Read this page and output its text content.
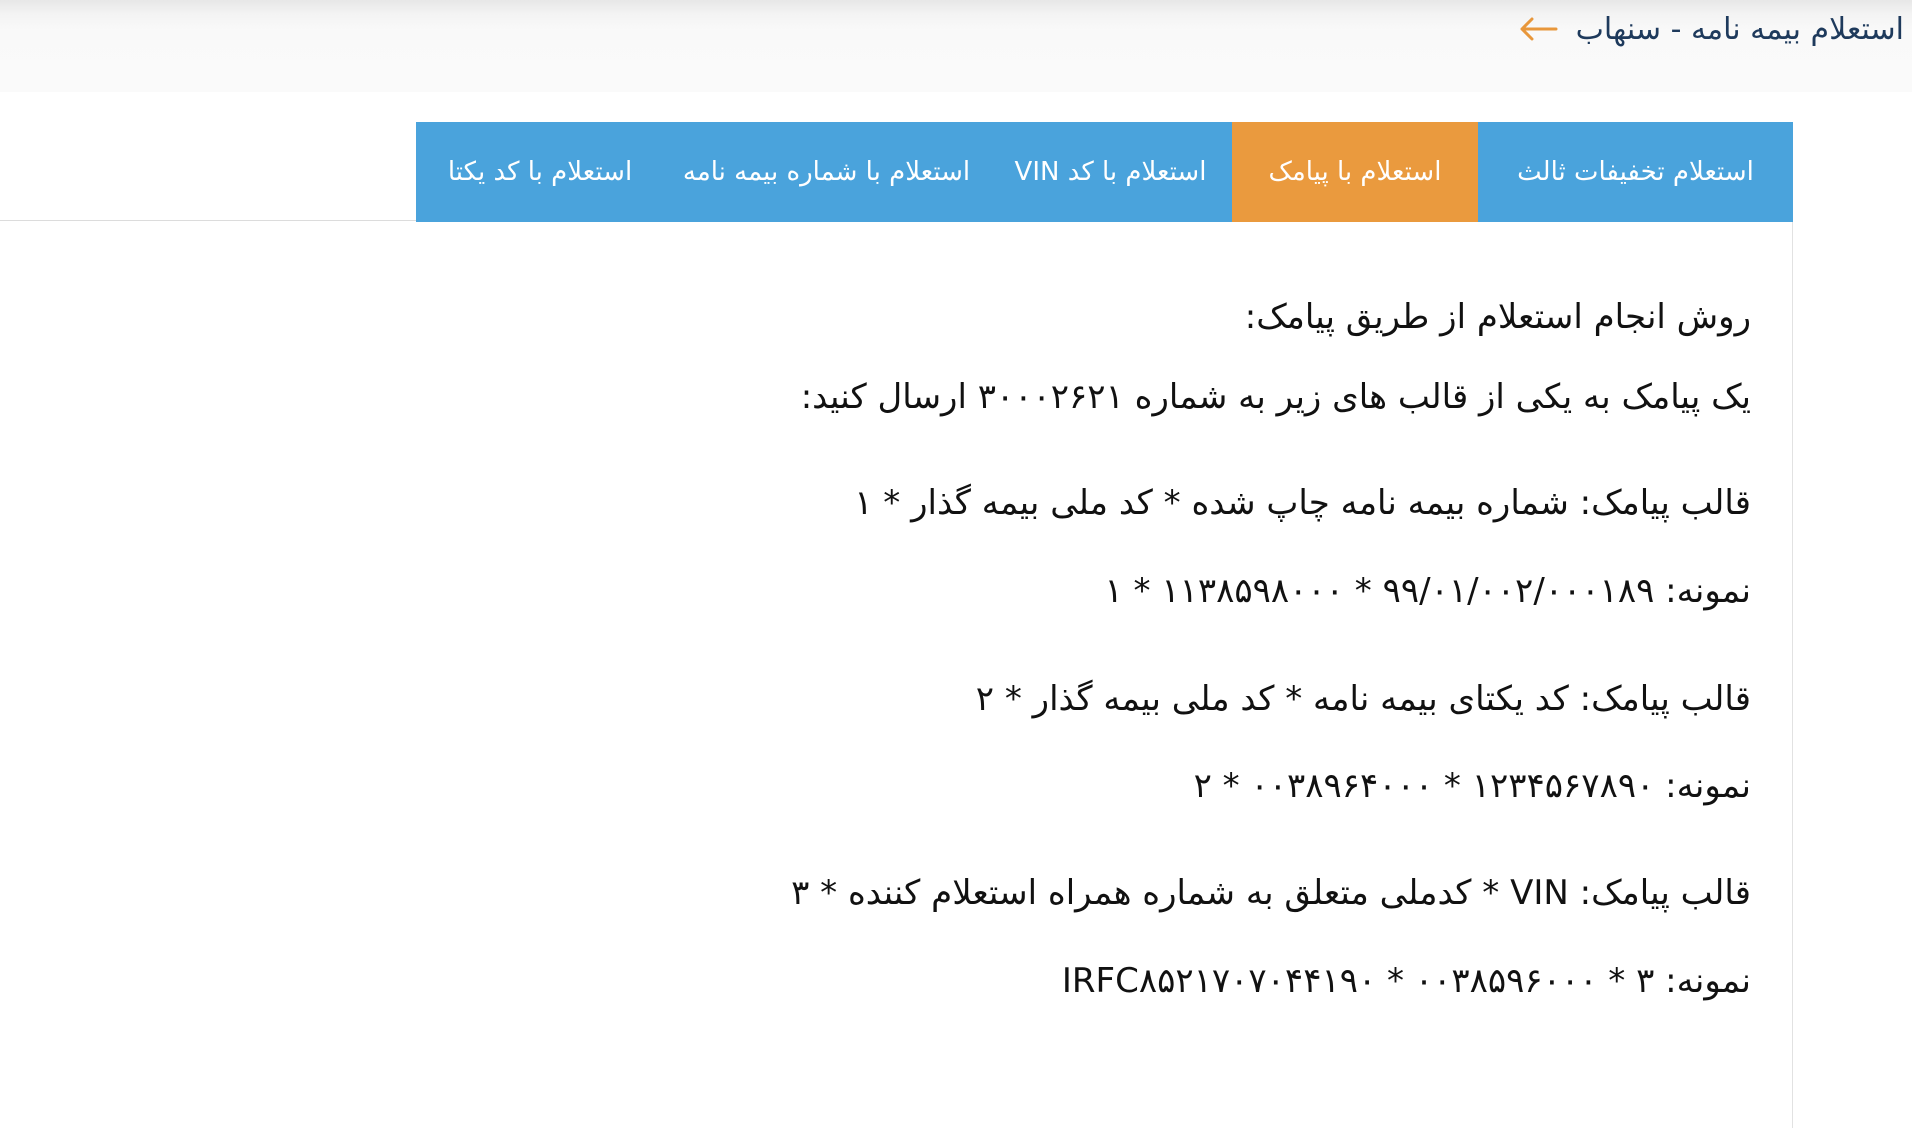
استعلام بیمه نامه - سنهاب
استعلام با کد یکتا	استعلام با شماره بیمه نامه	استعلام با کد VIN	استعلام با پیامک	استعلام تخفیفات ثالث
روش انجام استعلام از طریق پیامک:
یک پیامک به یکی از قالب های زیر به شماره ۳۰۰۰۲۶۲۱ ارسال کنید:
قالب پیامک: شماره بیمه نامه چاپ شده * کد ملی بیمه گذار * ۱
نمونه: ۹۹/۰۱/۰۰۲/۰۰۰۱۸۹ * ۱۱۳۸۵۹۸۰۰۰ * ۱
قالب پیامک: کد یکتای بیمه نامه * کد ملی بیمه گذار * ۲
نمونه: ۱۲۳۴۵۶۷۸۹۰ * ۰۰۳۸۹۶۴۰۰۰ * ۲
قالب پیامک: VIN * کدملی متعلق به شماره همراه استعلام کننده * ۳
نمونه: IRFC۸۵۲۱۷۰۷۰۴۴۱۹۰ * ۰۰۳۸۵۹۶۰۰۰ * ۳
